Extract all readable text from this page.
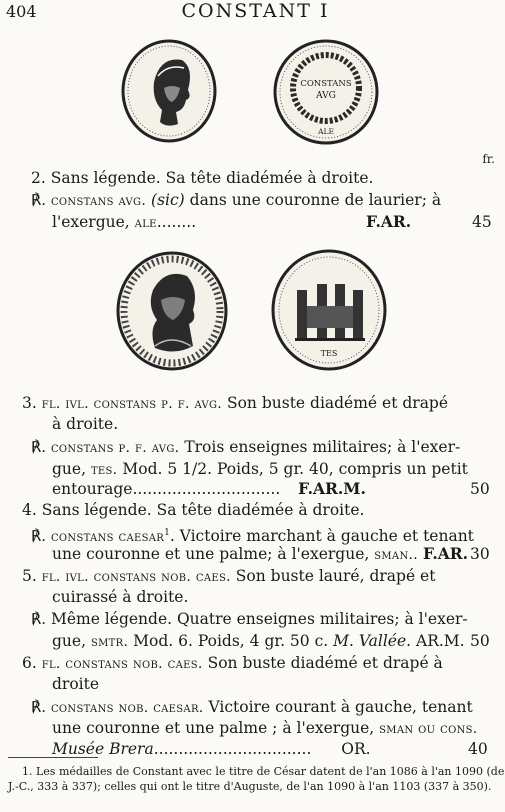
404	CONSTANT I
CONSTANS
AVG
ALE
fr.
2. Sans légende. Sa tête diadémée à droite.
℟. constans avg. (sic) dans une couronne de laurier; à
l'exergue, ale........	F.AR.	45
TES
3. fl. ivl. constans p. f. avg. Son buste diadémé et drapé
à droite.
℟. constans p. f. avg. Trois enseignes militaires; à l'exer-
gue, tes. Mod. 5 1/2. Poids, 5 gr. 40, compris un petit
entourage.............................. F.AR.M.	50
4. Sans légende. Sa tête diadémée à droite.
℟. constans caesar$^1$. Victoire marchant à gauche et tenant
une couronne et une palme; à l'exergue, sman.. F.AR. 30
5. fl. ivl. constans nob. caes. Son buste lauré, drapé et
cuirassé à droite.
℟. Même légende. Quatre enseignes militaires; à l'exer-
gue, smtr. Mod. 6. Poids, 4 gr. 50 c. M. Vallée. AR.M. 50
6. fl. constans nob. caes. Son buste diadémé et drapé à
droite
℟. constans nob. caesar. Victoire courant à gauche, tenant
une couronne et une palme ; à l'exergue, sman ou cons.
Musée Brera................................ OR.	40
1. Les médailles de Constant avec le titre de César datent de l'an 1086 à l'an 1090 (de
J.-C., 333 à 337); celles qui ont le titre d'Auguste, de l'an 1090 à l'an 1103 (337 à 350).
